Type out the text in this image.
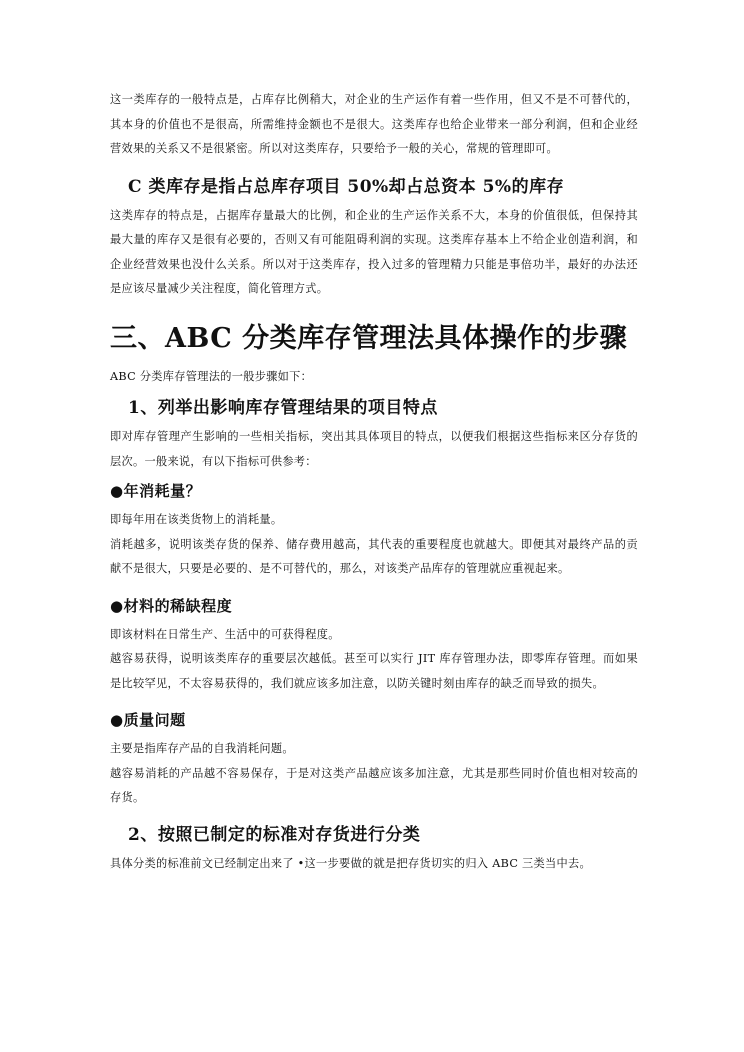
这一类库存的一般特点是，占库存比例稍大，对企业的生产运作有着一些作用，但又不是不可替代的，其本身的价值也不是很高，所需维持金额也不是很大。这类库存也给企业带来一部分利润，但和企业经营效果的关系又不是很紧密。所以对这类库存，只要给予一般的关心，常规的管理即可。

C 类库存是指占总库存项目 50%却占总资本 5%的库存

这类库存的特点是，占据库存量最大的比例，和企业的生产运作关系不大，本身的价值很低，但保持其最大量的库存又是很有必要的，否则又有可能阻碍利润的实现。这类库存基本上不给企业创造利润，和企业经营效果也没什么关系。所以对于这类库存，投入过多的管理精力只能是事倍功半，最好的办法还是应该尽量减少关注程度，简化管理方式。

三、ABC 分类库存管理法具体操作的步骤

ABC 分类库存管理法的一般步骤如下：

1、列举出影响库存管理结果的项目特点

即对库存管理产生影响的一些相关指标，突出其具体项目的特点，以便我们根据这些指标来区分存货的层次。一般来说，有以下指标可供参考：

●年消耗量？

即每年用在该类货物上的消耗量。

消耗越多，说明该类存货的保养、储存费用越高，其代表的重要程度也就越大。即便其对最终产品的贡献不是很大，只要是必要的、是不可替代的，那么，对该类产品库存的管理就应重视起来。

●材料的稀缺程度

即该材料在日常生产、生活中的可获得程度。

越容易获得，说明该类库存的重要层次越低。甚至可以实行 JIT 库存管理办法，即零库存管理。而如果是比较罕见，不太容易获得的，我们就应该多加注意，以防关键时刻由库存的缺乏而导致的损失。

●质量问题

主要是指库存产品的自我消耗问题。

越容易消耗的产品越不容易保存，于是对这类产品越应该多加注意，尤其是那些同时价值也相对较高的存货。

2、按照已制定的标准对存货进行分类

具体分类的标准前文已经制定出来了 •这一步要做的就是把存货切实的归入 ABC 三类当中去。
